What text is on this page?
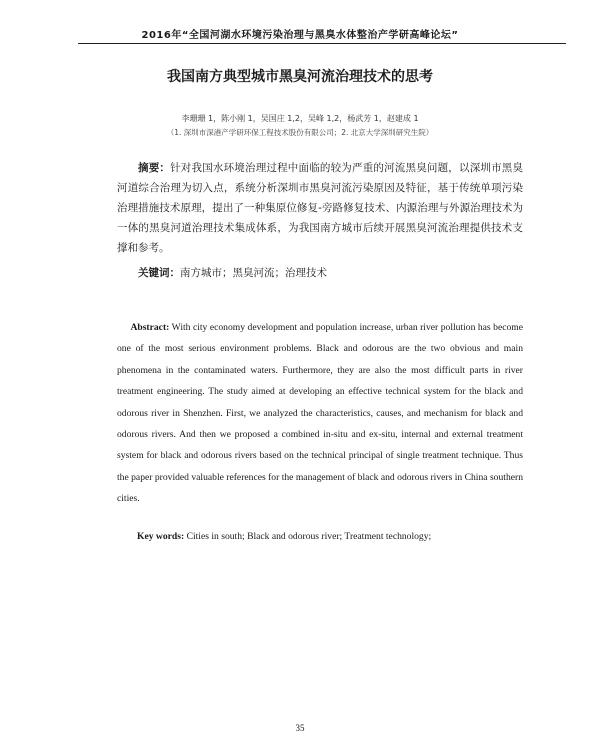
2016年“全国河湖水环境污染治理与黑臭水体整治产学研高峰论坛”
我国南方典型城市黑臭河流治理技术的思考
李珊珊 1，陈小刚 1，吴国庄 1,2，吴峰 1,2，杨武芳 1，赵建成 1
（1. 深圳市深港产学研环保工程技术股份有限公司；2. 北京大学深圳研究生院）
摘要：针对我国水环境治理过程中面临的较为严重的河流黑臭问题，以深圳市黑臭河道综合治理为切入点，系统分析深圳市黑臭河流污染原因及特征，基于传统单项污染治理措施技术原理，提出了一种集原位修复-旁路修复技术、内源治理与外源治理技术为一体的黑臭河道治理技术集成体系，为我国南方城市后续开展黑臭河流治理提供技术支撑和参考。
关键词：南方城市；黑臭河流；治理技术
Abstract: With city economy development and population increase, urban river pollution has become one of the most serious environment problems. Black and odorous are the two obvious and main phenomena in the contaminated waters. Furthermore, they are also the most difficult parts in river treatment engineering. The study aimed at developing an effective technical system for the black and odorous river in Shenzhen. First, we analyzed the characteristics, causes, and mechanism for black and odorous rivers. And then we proposed a combined in-situ and ex-situ, internal and external treatment system for black and odorous rivers based on the technical principal of single treatment technique. Thus the paper provided valuable references for the management of black and odorous rivers in China southern cities.
Key words: Cities in south; Black and odorous river; Treatment technology;
35
